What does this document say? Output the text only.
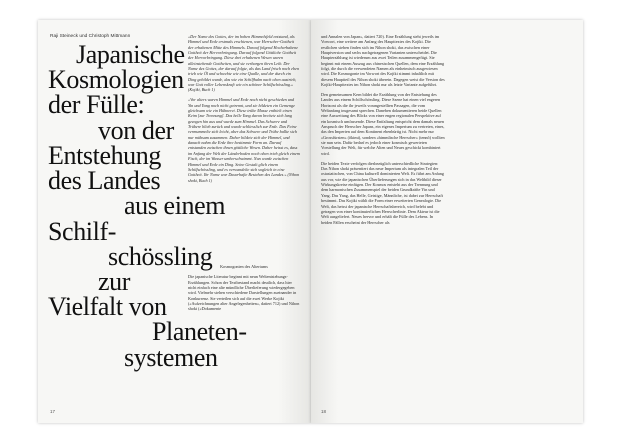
Raji Steineck und Christoph Mittmann
Japanische
Kosmologien
der Fülle:
von der
Entstehung
des Landes
aus einem
Schilf-
schössling
zur
Vielfalt von
Planeten-
systemen

«Der Name des Gottes, der im hohen Himmelsfeld entstand, als Himmel und Erde erstmals erschienen, war Herrscher-Gottheit der erhabenen Mitte des Himmels. Darauf folgend Hocherhabene Gottheit der Hervorbringung. Darauf folgend Göttliche Gottheit der Hervorbringung. Diese drei erhabenen Wesen waren alleinstehende Gottheiten, und sie verbargen ihren Leib. Der Name des Gottes, der darauf folgte, als das Land frisch noch eben trieb wie Öl und schwebte wie eine Qualle, und der durch ein Ding gebildet wurde, das wie ein Schilfhalm nach oben austrieb, war Gott voller Lebenskraft wie ein schöner Schilfschössling.» (Kojiki, Buch 1)

«Vor alters waren Himmel und Erde noch nicht geschieden und Yin und Yang noch nicht getrennt, und sie bildeten ein Gemenge gleichsam wie ein Hühnerei. Diese trübe Masse enthielt einen Keim [zur Trennung]. Das helle Yang davon breitete sich lang gezogen hin aus und wurde zum Himmel. Das Schwere und Trübere blieb zurück und wurde schliesslich zur Erde. Das Feine vermummelte sich leicht, aber das Schwere und Trübe ballte sich nur mühsam zusammen. Daher bildete sich der Himmel, und danach nahm die Erde ihre bestimmte Form an. Darauf entstanden zwischen ihnen göttliche Wesen. Daher heisst es, dass im Anfang der Welt der Länderboden noch oben trieb gleich einem Fisch, der im Wasser umherschwimmt. Nun wurde zwischen Himmel und Erde ein Ding. Seine Gestalt glich einem Schilfschössling, und es verwandelte sich sogleich in eine Gottheit. Ihr Name war Dauerhafte Bestehen des Landes.» (Nihon shoki, Buch 1)

Kosmogonien des Altertums

Die japanische Literatur beginnt mit neun Weltentstehungs-Erzählungen. Schon der Textbestand macht deutlich, dass hier nicht einfach eine alte mündliche Überlieferung wiedergegeben wird. Vielmehr stehen verschiedene Darstellungen zueinander in Konkurrenz. Sie verteilen sich auf die zwei Werke Kojiki («Aufzeichnungen alter Angelegenheiten», datiert 712) und Nihon shoki («Dokumente

17

und Annalen von Japan», datiert 720). Eine Erzählung steht jeweils im Vorwort, eine weitere am Anfang des Haupttextes des Kojiki. Die restlichen sieben finden sich im Nihon shoki, das zwischen einer Hauptversion und sechs nachgetragenen Varianten unterscheidet. Die Haupterzählung ist wiederum aus zwei Teilen zusammengefügt. Sie beginnt mit einem Auszug aus chinesischen Quellen, dem eine Erzählung folgt, die durch die verwendeten Namen als einheimisch ausgewiesen wird. Die Kosmogonie im Vorwort des Kojiki stimmt inhaltlich mit diesem Hauptteil des Nihon shoki überein. Dagegen weist die Version des Kojiki-Haupttextes im Nihon shoki nur als letzte Variante aufgeführt.

Den gemeinsamen Kern bildet die Erzählung von der Entstehung des Landes aus einem Schilfschössling. Diese Szene hat einen viel engeren Horizont als die ihr jeweils vorangestellten Passagen, die vom Weltanfang insgesamt sprechen. Daneben dokumentieren beide Quellen eine Ausweitung des Blicks von einer engen regionalen Perspektive auf ein kosmisch umfassende. Diese Entfaltung entspricht dem damals neuen Anspruch der Herrscher Japans, ein eigenes Imperium zu vertreten, eines, das den Imperien auf dem Kontinent ebenbürtig ist. Nicht mehr nur «Grossfürsten» (ôkimi), sondern «himmlische Herrscher» (tennô) wollten sie nun sein. Dafür bedarf es jedoch einer kosmisch gewerteten Vorstellung der Welt, für welche Alten und Neues geschickt kombiniert wird.

Die beiden Texte verfolgen diesbezüglich unterschiedliche Strategien: Das Nihon shoki präsentiert das neue Imperium als integralen Teil der ostasiatischen, von China kulturell dominierten Welt. Es führt am Anfang aus vor, wie die japanischen Überlieferungen sich in das Weltbild dieser Wirkungskreise einfügen. Der Kosmos entsteht aus der Trennung und dem harmonischen Zusammenspiel der beiden Grundkräfte Yin und Yang. Das Yang, das Helle, Geistige, Männliche, ist dabei zur Herrschaft bestimmt. Das Kojiki wählt die Form einer erweiterten Genealogie. Die Welt, das heisst der japanische Herrschaftsbereich, wird belebt und getragen von einer kontinuierlichen Herrscherlinie. Dem Akteur ist die Welt ausgeliefert. Neues hervor und erhält die Fülle des Lebens. In beiden Fällen erscheint der Herrscher als

18
